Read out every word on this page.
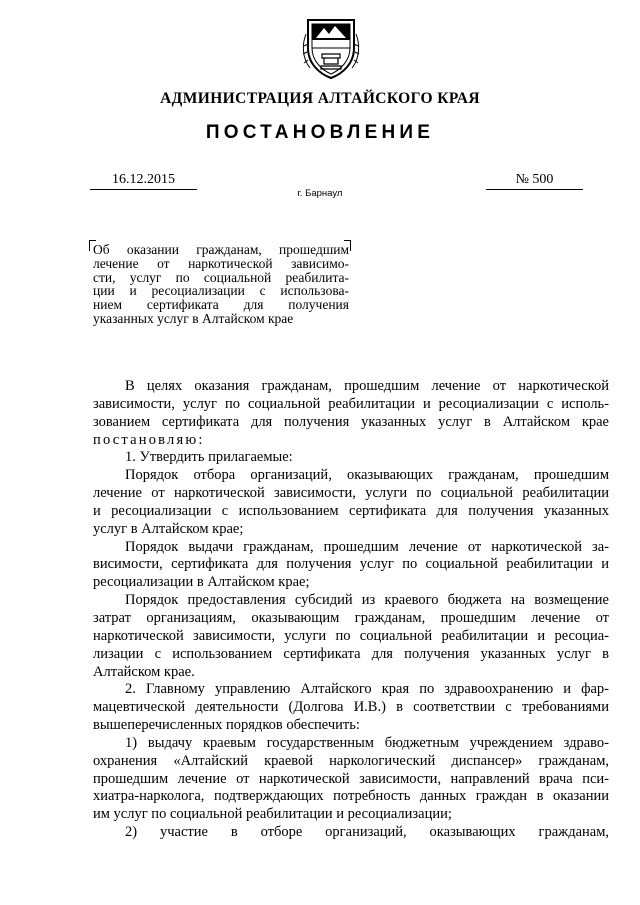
АДМИНИСТРАЦИЯ АЛТАЙСКОГО КРАЯ
ПОСТАНОВЛЕНИЕ
16.12.2015	№ 500
г. Барнаул
Об оказании гражданам, прошедшим
лечение от наркотической зависимо-
сти, услуг по социальной реабилита-
ции и ресоциализации с использова-
нием сертификата для получения
указанных услуг в Алтайском крае
В целях оказания гражданам, прошедшим лечение от наркотической
зависимости, услуг по социальной реабилитации и ресоциализации с исполь-
зованием сертификата для получения указанных услуг в Алтайском крае
постановляю:
1. Утвердить прилагаемые:
Порядок отбора организаций, оказывающих гражданам, прошедшим
лечение от наркотической зависимости, услуги по социальной реабилитации
и ресоциализации с использованием сертификата для получения указанных
услуг в Алтайском крае;
Порядок выдачи гражданам, прошедшим лечение от наркотической за-
висимости, сертификата для получения услуг по социальной реабилитации и
ресоциализации в Алтайском крае;
Порядок предоставления субсидий из краевого бюджета на возмещение
затрат организациям, оказывающим гражданам, прошедшим лечение от
наркотической зависимости, услуги по социальной реабилитации и ресоциа-
лизации с использованием сертификата для получения указанных услуг в
Алтайском крае.
2. Главному управлению Алтайского края по здравоохранению и фар-
мацевтической деятельности (Долгова И.В.) в соответствии с требованиями
вышеперечисленных порядков обеспечить:
1) выдачу краевым государственным бюджетным учреждением здраво-
охранения «Алтайский краевой наркологический диспансер» гражданам,
прошедшим лечение от наркотической зависимости, направлений врача пси-
хиатра-нарколога, подтверждающих потребность данных граждан в оказании
им услуг по социальной реабилитации и ресоциализации;
2) участие в отборе организаций, оказывающих гражданам,
